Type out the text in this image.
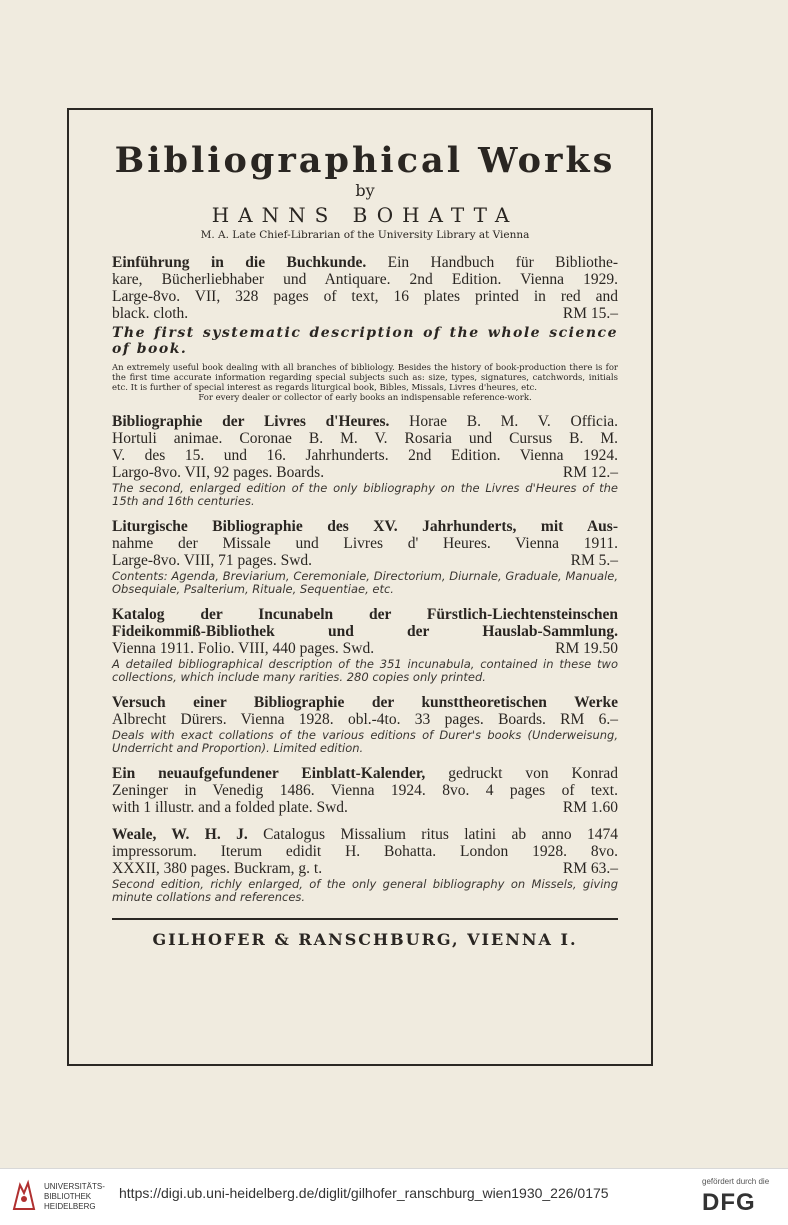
Bibliographical Works

by

HANNS BOHATTA

M. A. Late Chief-Librarian of the University Library at Vienna

Einführung in die Buchkunde. Ein Handbuch für Bibliothe-

kare, Bücherliebhaber und Antiquare. 2nd Edition. Vienna 1929.

Large-8vo. VII, 328 pages of text, 16 plates printed in red and

black. cloth.	RM 15.–

The first systematic description of the whole science of book.

An extremely useful book dealing with all branches of bibliology. Besides the history of book-production there is for the first time accurate information regarding special subjects such as: size, types, signatures, catchwords, initials etc. It is further of special interest as regards liturgical book, Bibles, Missals, Livres d'heures, etc.

For every dealer or collector of early books an indispensable reference-work.

Bibliographie der Livres d'Heures. Horae B. M. V. Officia.

Hortuli animae. Coronae B. M. V. Rosaria und Cursus B. M.

V. des 15. und 16. Jahrhunderts. 2nd Edition. Vienna 1924.

Largo-8vo. VII, 92 pages. Boards.	RM 12.–

The second, enlarged edition of the only bibliography on the Livres d'Heures of the 15th and 16th centuries.

Liturgische Bibliographie des XV. Jahrhunderts, mit Aus-

nahme der Missale und Livres d' Heures. Vienna 1911.

Large-8vo. VIII, 71 pages. Swd.	RM 5.–

Contents: Agenda, Breviarium, Ceremoniale, Directorium, Diurnale, Graduale, Manuale, Obsequiale, Psalterium, Rituale, Sequentiae, etc.

Katalog der Incunabeln der Fürstlich-Liechtensteinschen

Fideikommiß-Bibliothek und der Hauslab-Sammlung.

Vienna 1911. Folio. VIII, 440 pages. Swd.	RM 19.50

A detailed bibliographical description of the 351 incunabula, contained in these two collections, which include many rarities. 280 copies only printed.

Versuch einer Bibliographie der kunsttheoretischen Werke

Albrecht Dürers. Vienna 1928. obl.-4to. 33 pages. Boards. RM 6.–

Deals with exact collations of the various editions of Durer's books (Underweisung, Underricht and Proportion). Limited edition.

Ein neuaufgefundener Einblatt-Kalender, gedruckt von Konrad

Zeninger in Venedig 1486. Vienna 1924. 8vo. 4 pages of text.

with 1 illustr. and a folded plate. Swd.	RM 1.60

Weale, W. H. J. Catalogus Missalium ritus latini ab anno 1474

impressorum. Iterum edidit H. Bohatta. London 1928. 8vo.

XXXII, 380 pages. Buckram, g. t.	RM 63.–

Second edition, richly enlarged, of the only general bibliography on Missels, giving minute collations and references.

GILHOFER & RANSCHBURG, VIENNA I.

UNIVERSITÄTS-
BIBLIOTHEK
HEIDELBERG
https://digi.ub.uni-heidelberg.de/diglit/gilhofer_ranschburg_wien1930_226/0175
gefördert durch die
DFG
